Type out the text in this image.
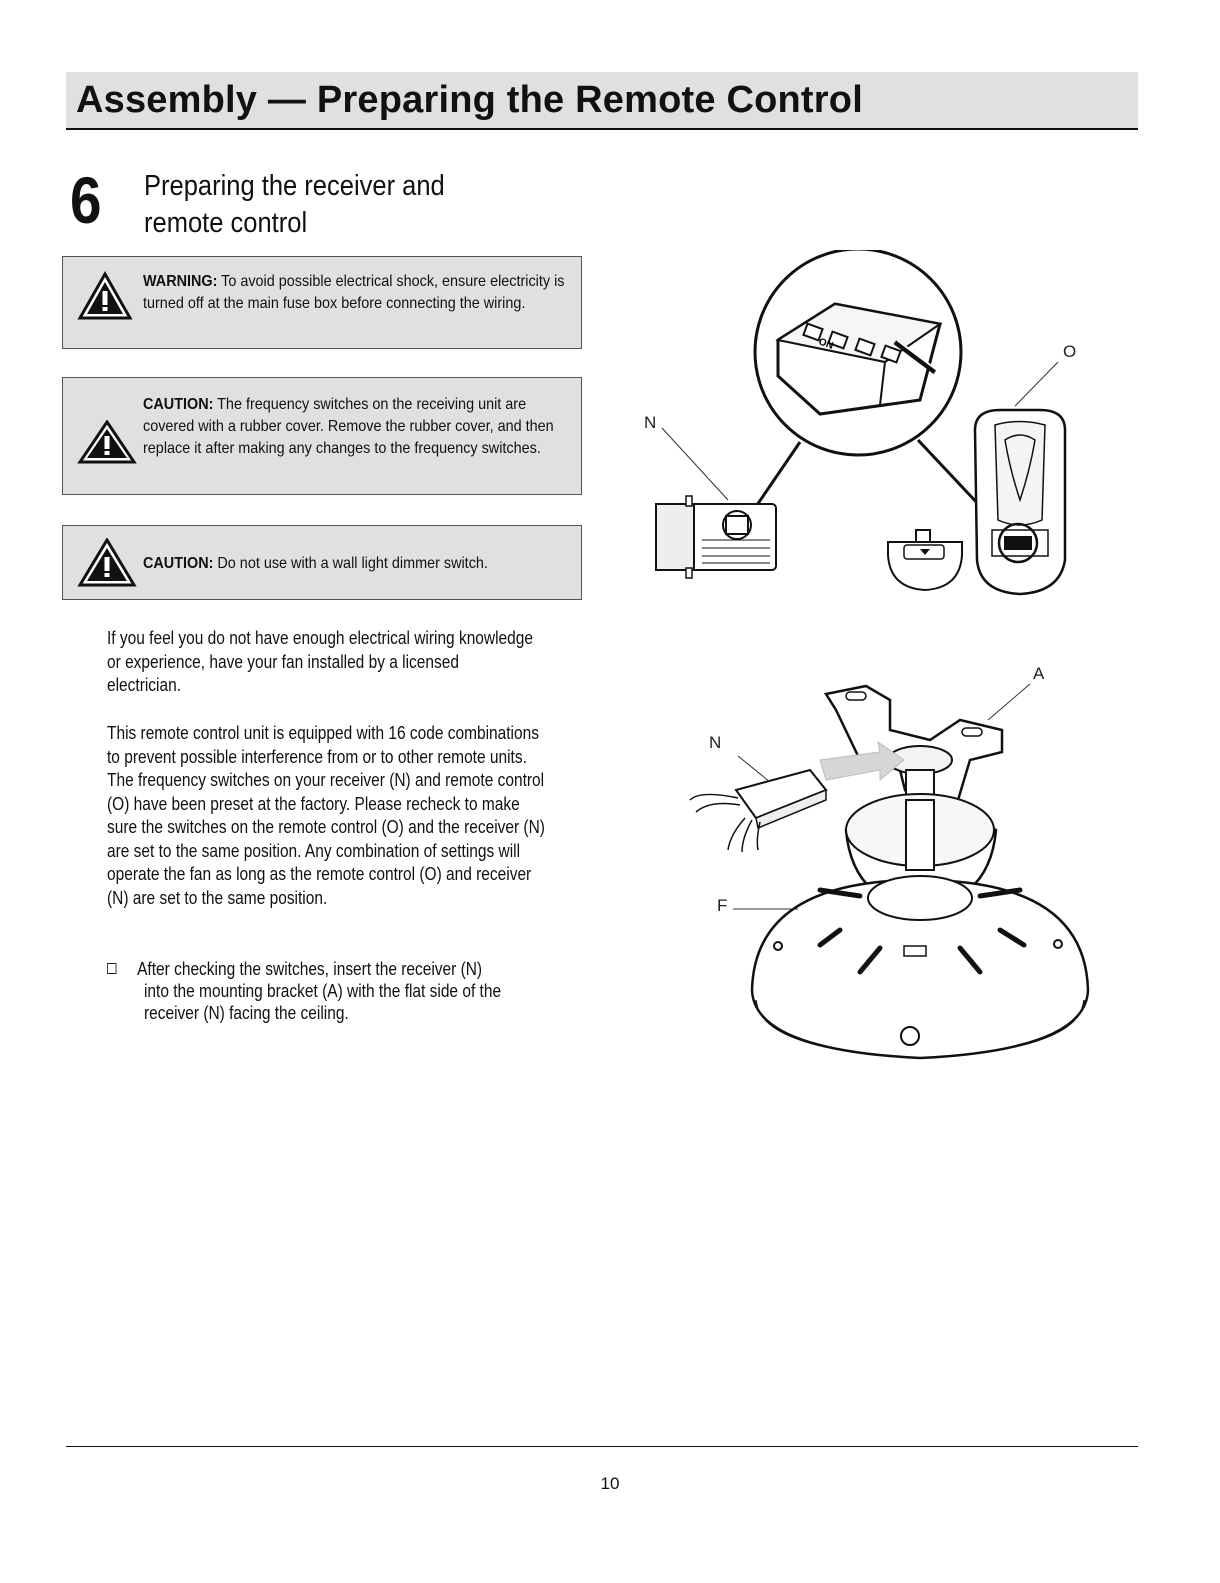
Assembly — Preparing the Remote Control
6 Preparing the receiver and
remote control
WARNING: To avoid possible electrical shock, ensure electricity is turned off at the main fuse box before connecting the wiring.
CAUTION: The frequency switches on the receiving unit are covered with a rubber cover. Remove the rubber cover, and then replace it after making any changes to the frequency switches.
CAUTION: Do not use with a wall light dimmer switch.
If you feel you do not have enough electrical wiring knowledge or experience, have your fan installed by a licensed electrician.
This remote control unit is equipped with 16 code combinations to prevent possible interference from or to other remote units. The frequency switches on your receiver (N) and remote control (O) have been preset at the factory. Please recheck to make sure the switches on the remote control (O) and the receiver (N) are set to the same position. Any combination of settings will operate the fan as long as the remote control (O) and receiver (N) are set to the same position.
After checking the switches, insert the receiver (N)
into the mounting bracket (A) with the flat side of the receiver (N) facing the ceiling.
ON
N
O
A
N
F
10
